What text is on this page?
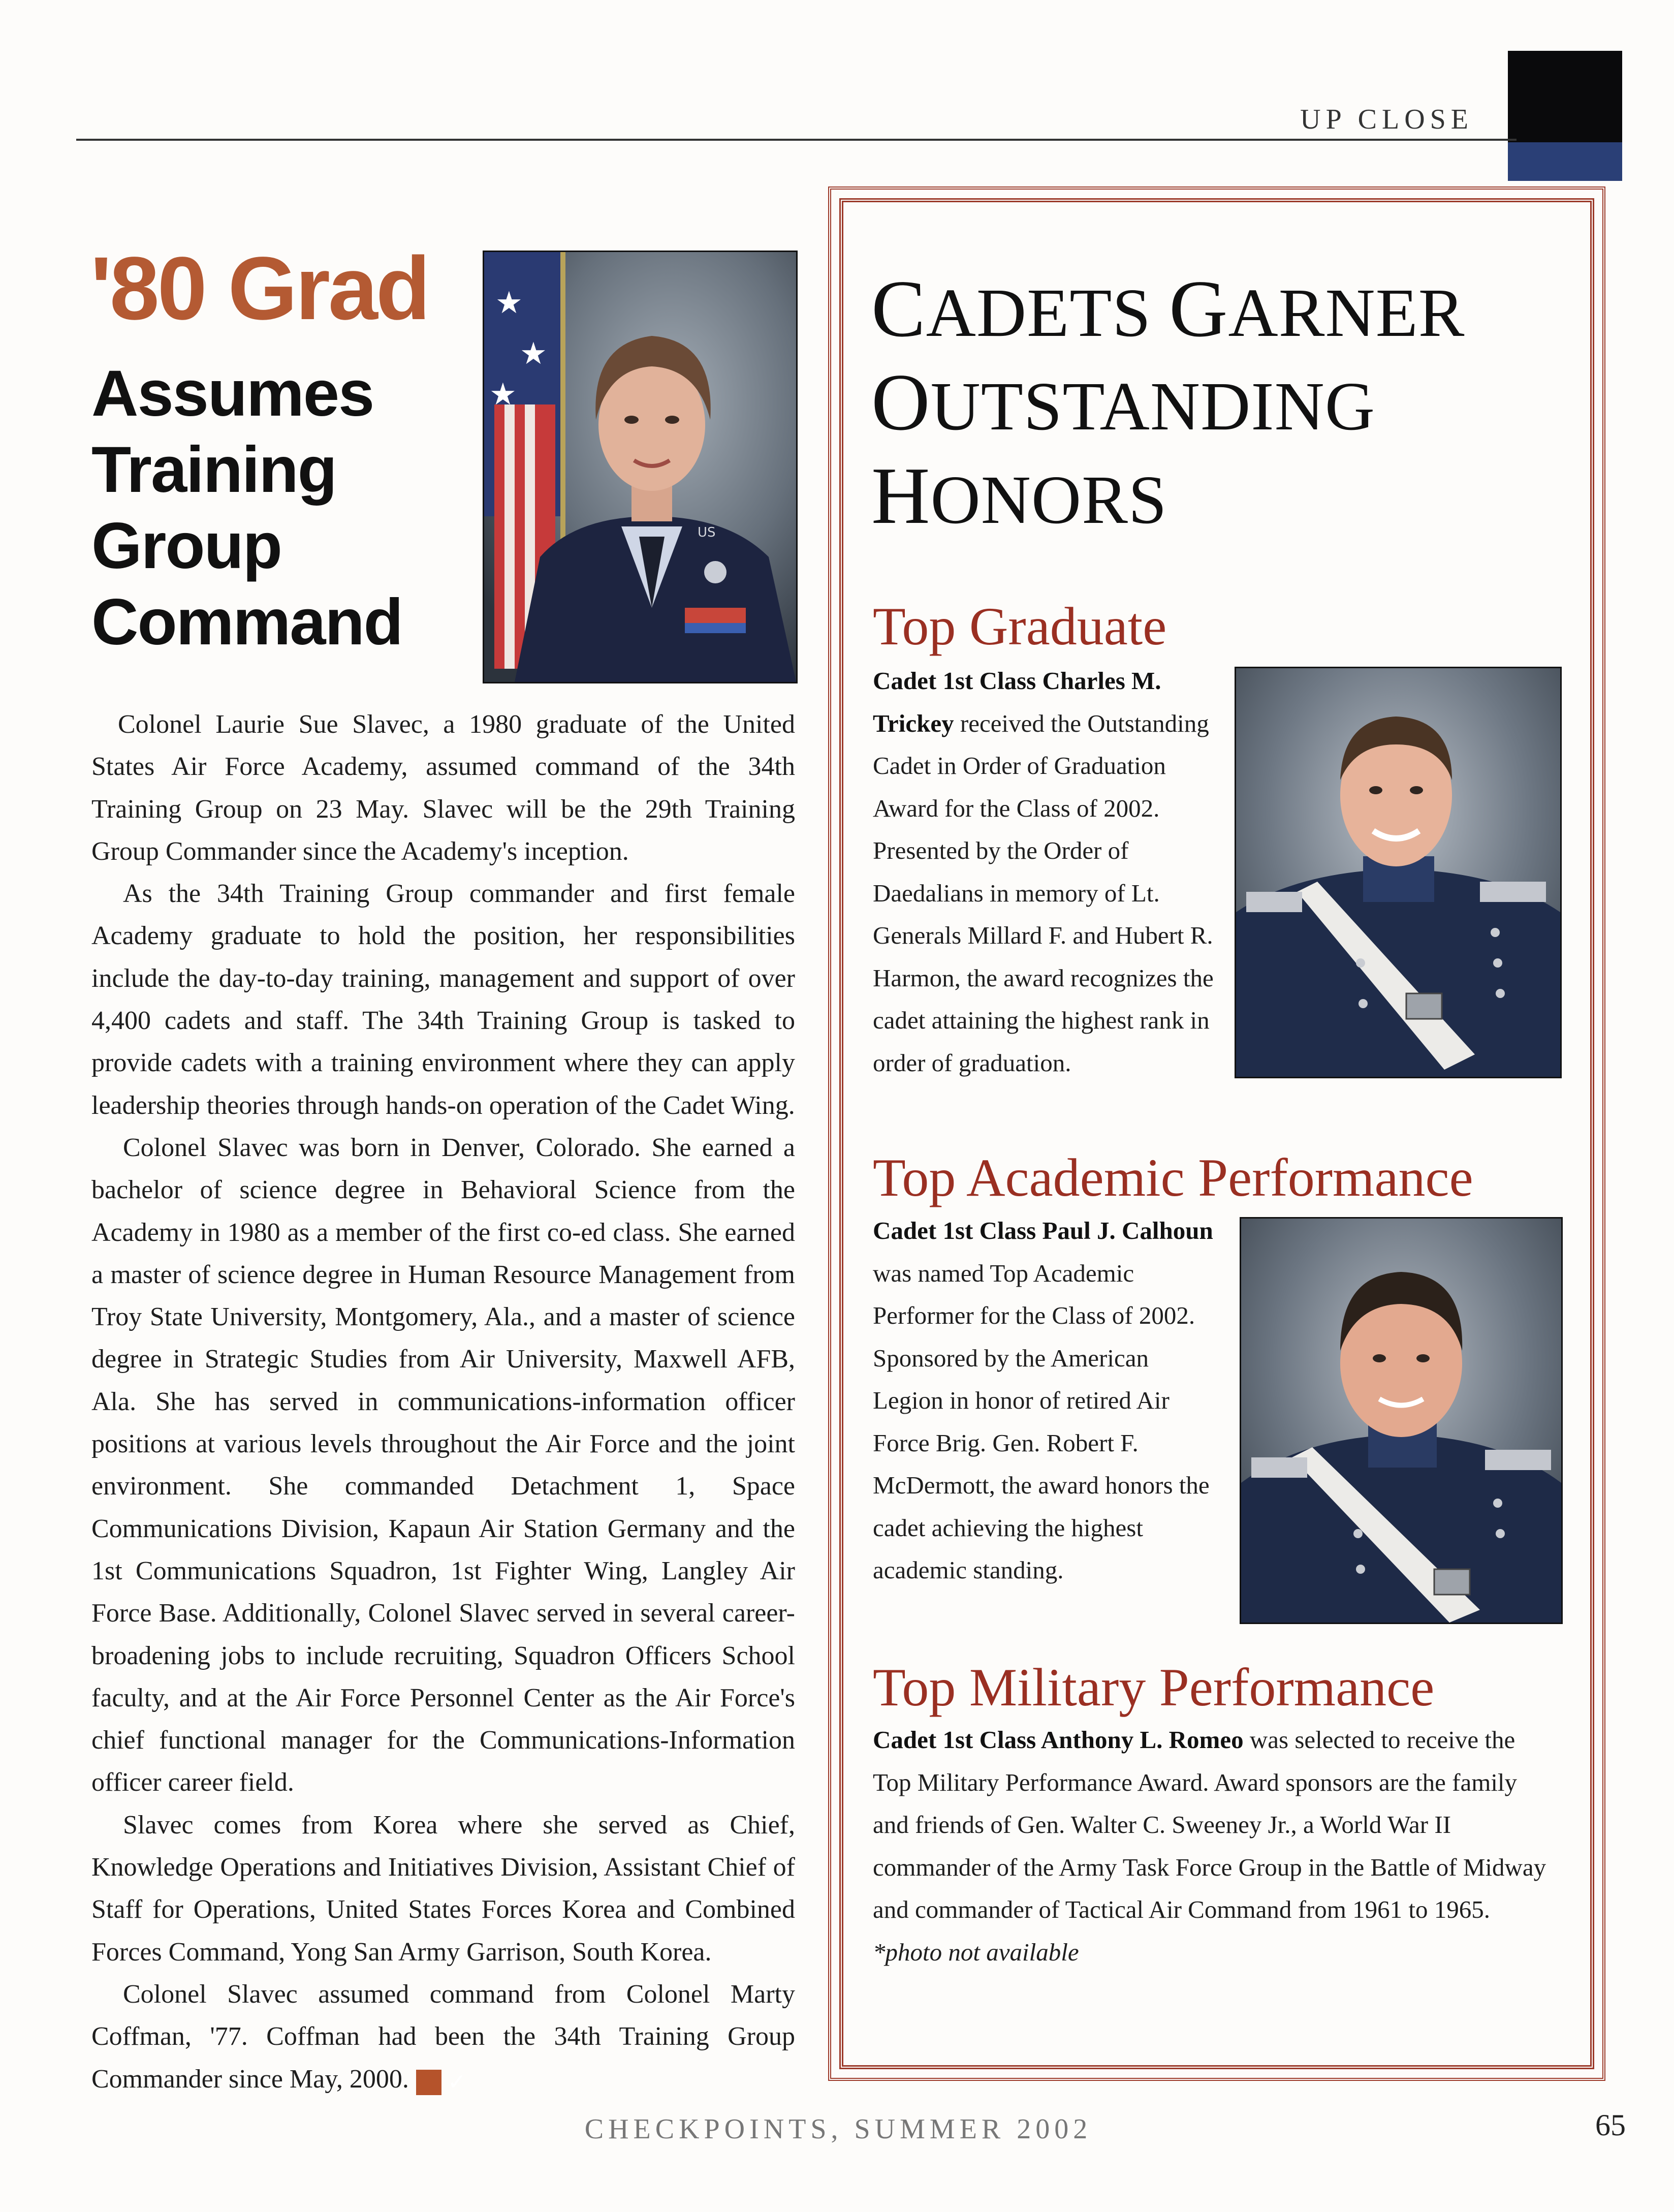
UP CLOSE
'80 Grad
Assumes
Training
Group
Command
★
★
★
US

Colonel Laurie Sue Slavec, a 1980 graduate of the United States Air Force Academy, assumed command of the 34th Training Group on 23 May. Slavec will be the 29th Training Group Commander since the Academy's inception.

As the 34th Training Group commander and first female Academy graduate to hold the position, her responsibilities include the day-to-day training, management and support of over 4,400 cadets and staff. The 34th Training Group is tasked to provide cadets with a training environment where they can apply leadership theories through hands-on operation of the Cadet Wing.

Colonel Slavec was born in Denver, Colorado. She earned a bachelor of science degree in Behavioral Science from the Academy in 1980 as a member of the first co-ed class. She earned a master of science degree in Human Resource Management from Troy State University, Montgomery, Ala., and a master of science degree in Strategic Studies from Air University, Maxwell AFB, Ala. She has served in communications-information officer positions at various levels throughout the Air Force and the joint environment. She commanded Detachment 1, Space Communications Division, Kapaun Air Station Germany and the 1st Communications Squadron, 1st Fighter Wing, Langley Air Force Base. Additionally, Colonel Slavec served in several career-broadening jobs to include recruiting, Squadron Officers School faculty, and at the Air Force Personnel Center as the Air Force's chief functional manager for the Communications-Information officer career field.

Slavec comes from Korea where she served as Chief, Knowledge Operations and Initiatives Division, Assistant Chief of Staff for Operations, United States Forces Korea and Combined Forces Command, Yong San Army Garrison, South Korea.

Colonel Slavec assumed command from Colonel Marty Coffman, '77. Coffman had been the 34th Training Group Commander since May, 2000. ✓

CADETS GARNER
OUTSTANDING
HONORS
Top Graduate
Cadet 1st Class Charles M. Trickey received the Outstanding Cadet in Order of Graduation Award for the Class of 2002. Presented by the Order of Daedalians in memory of Lt. Generals Millard F. and Hubert R. Harmon, the award recognizes the cadet attaining the highest rank in order of graduation.
Top Academic Performance
Cadet 1st Class Paul J. Calhoun was named Top Academic Performer for the Class of 2002. Sponsored by the American Legion in honor of retired Air Force Brig. Gen. Robert F. McDermott, the award honors the cadet achieving the highest academic standing.
Top Military Performance
Cadet 1st Class Anthony L. Romeo was selected to receive the Top Military Performance Award. Award sponsors are the family and friends of Gen. Walter C. Sweeney Jr., a World War II commander of the Army Task Force Group in the Battle of Midway and commander of Tactical Air Command from 1961 to 1965.
*photo not available
CHECKPOINTS, SUMMER 2002	65
